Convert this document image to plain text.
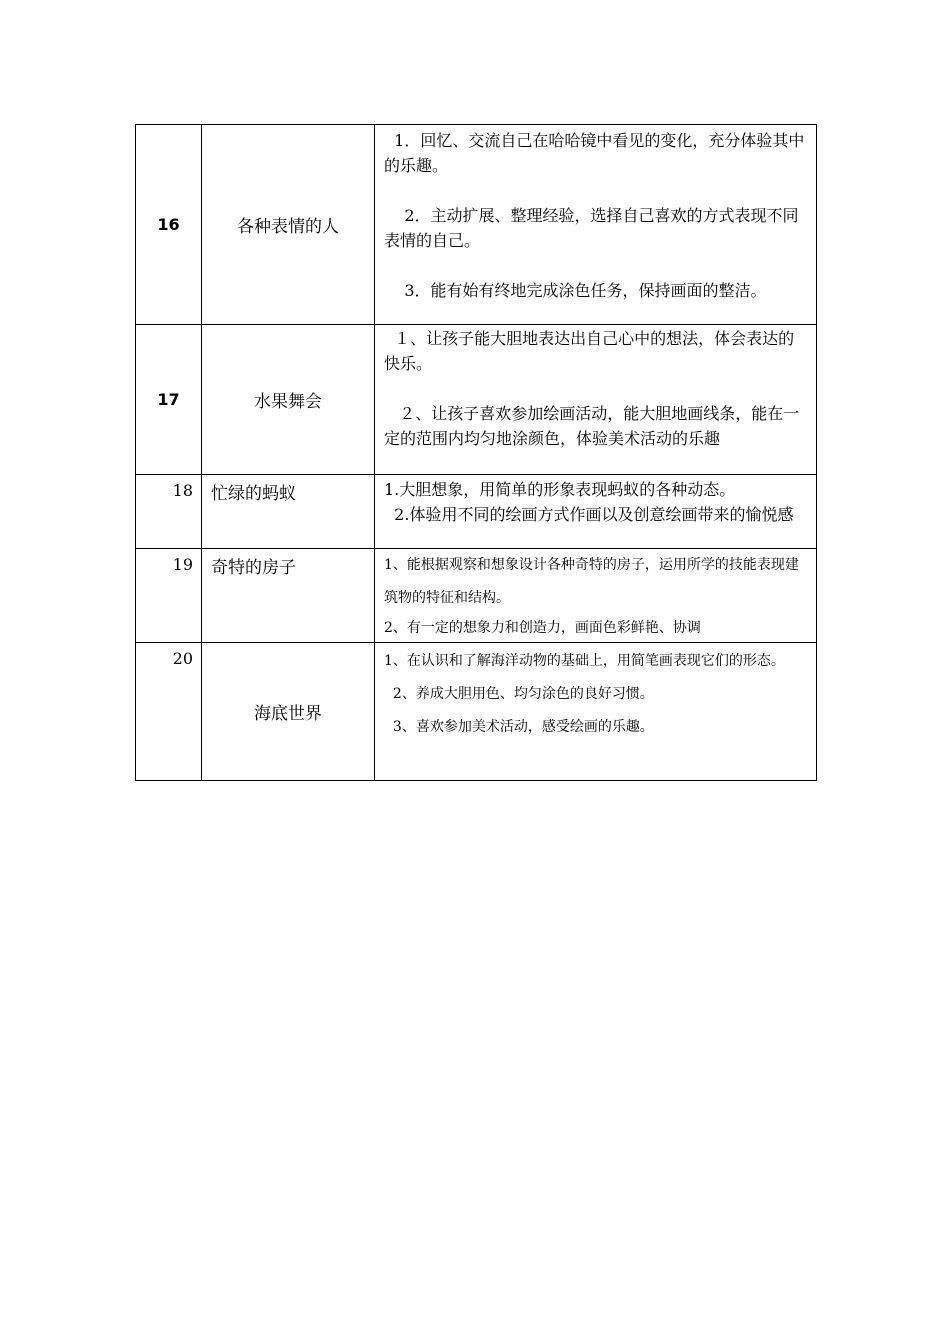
16	各种表情的人	1．回忆、交流自己在哈哈镜中看见的变化，充分体验其中的乐趣。

2．主动扩展、整理经验，选择自己喜欢的方式表现不同表情的自己。

3．能有始有终地完成涂色任务，保持画面的整洁。

17	水果舞会	１、让孩子能大胆地表达出自己心中的想法，体会表达的快乐。

２、让孩子喜欢参加绘画活动，能大胆地画线条，能在一定的范围内均匀地涂颜色，体验美术活动的乐趣

18	忙绿的蚂蚁	1.大胆想象，用简单的形象表现蚂蚁的各种动态。

2.体验用不同的绘画方式作画以及创意绘画带来的愉悦感

19	奇特的房子	1、能根据观察和想象设计各种奇特的房子，运用所学的技能表现建筑物的特征和结构。

2、有一定的想象力和创造力，画面色彩鲜艳、协调

20	海底世界	1、在认识和了解海洋动物的基础上，用简笔画表现它们的形态。

2、养成大胆用色、均匀涂色的良好习惯。

3、喜欢参加美术活动，感受绘画的乐趣。
